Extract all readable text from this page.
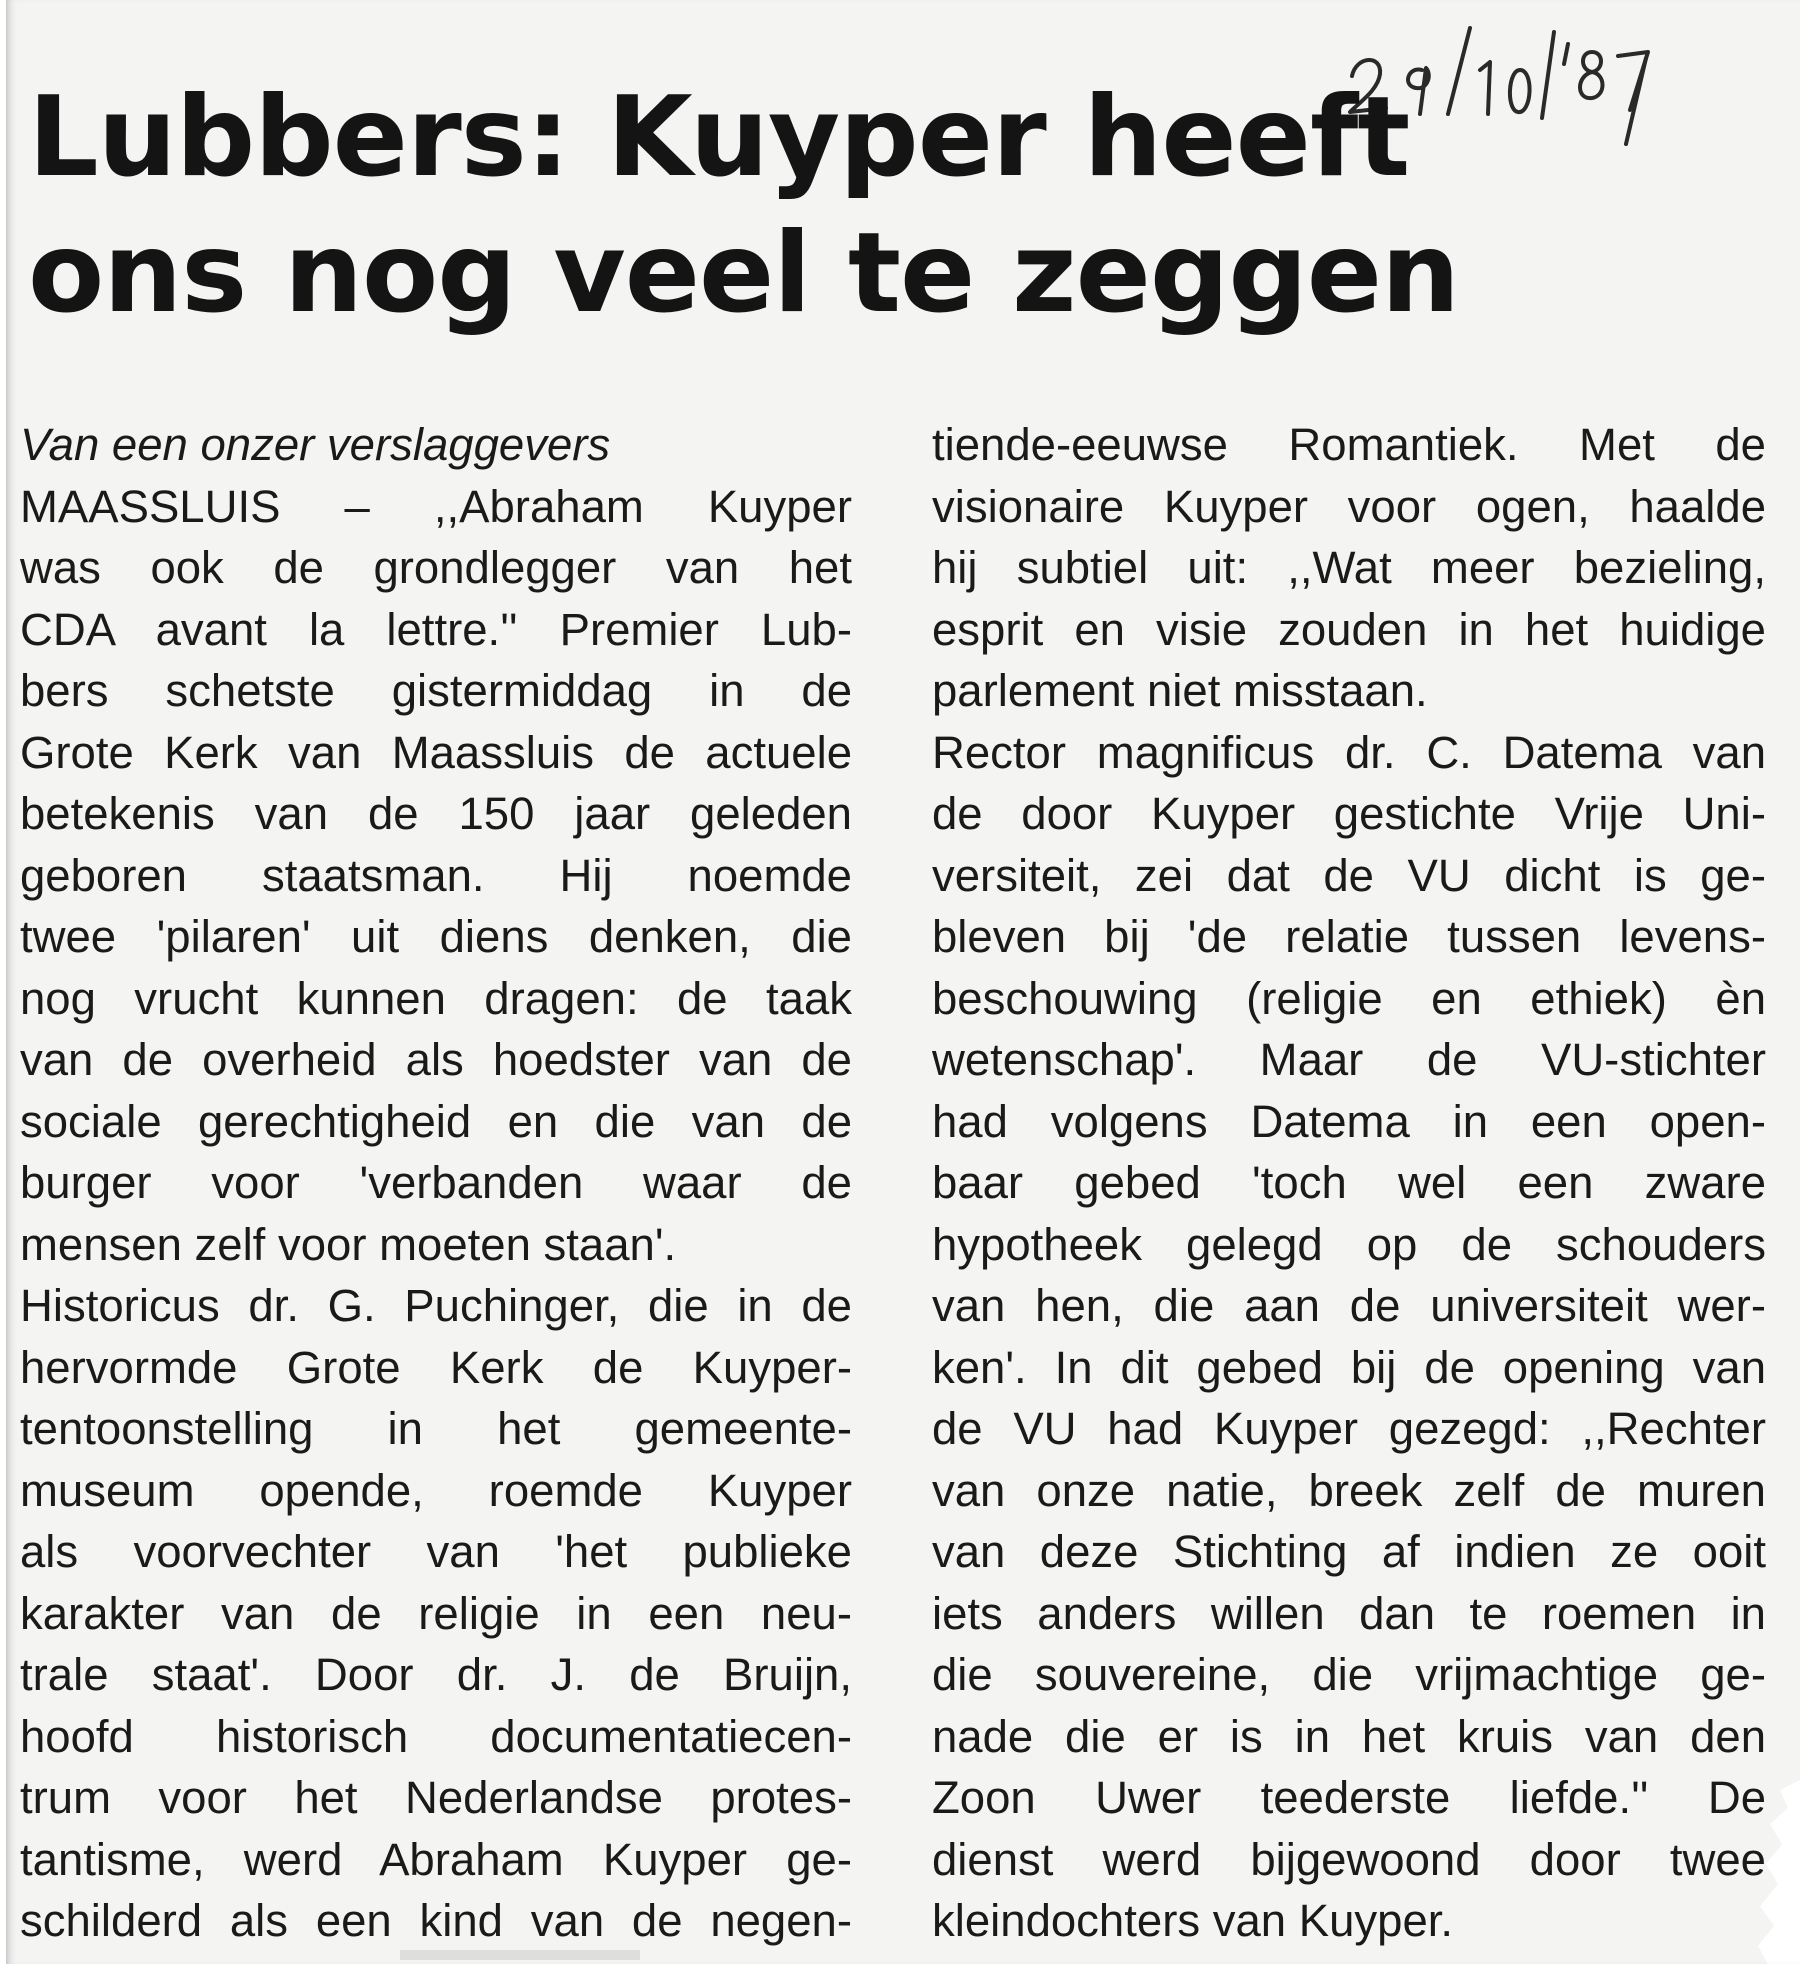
Lubbers: Kuyper heeft
ons nog veel te zeggen
Van een onzer verslaggevers
MAASSLUIS – ,,Abraham Kuyper
was ook de grondlegger van het
CDA avant la lettre.'' Premier Lub-
bers schetste gistermiddag in de
Grote Kerk van Maassluis de actuele
betekenis van de 150 jaar geleden
geboren staatsman. Hij noemde
twee 'pilaren' uit diens denken, die
nog vrucht kunnen dragen: de taak
van de overheid als hoedster van de
sociale gerechtigheid en die van de
burger voor 'verbanden waar de
mensen zelf voor moeten staan'.
Historicus dr. G. Puchinger, die in de
hervormde Grote Kerk de Kuyper-
tentoonstelling in het gemeente-
museum opende, roemde Kuyper
als voorvechter van 'het publieke
karakter van de religie in een neu-
trale staat'. Door dr. J. de Bruijn,
hoofd historisch documentatiecen-
trum voor het Nederlandse protes-
tantisme, werd Abraham Kuyper ge-
schilderd als een kind van de negen-
tiende-eeuwse Romantiek. Met de
visionaire Kuyper voor ogen, haalde
hij subtiel uit: ,,Wat meer bezieling,
esprit en visie zouden in het huidige
parlement niet misstaan.
Rector magnificus dr. C. Datema van
de door Kuyper gestichte Vrije Uni-
versiteit, zei dat de VU dicht is ge-
bleven bij 'de relatie tussen levens-
beschouwing (religie en ethiek) èn
wetenschap'. Maar de VU-stichter
had volgens Datema in een open-
baar gebed 'toch wel een zware
hypotheek gelegd op de schouders
van hen, die aan de universiteit wer-
ken'. In dit gebed bij de opening van
de VU had Kuyper gezegd: ,,Rechter
van onze natie, breek zelf de muren
van deze Stichting af indien ze ooit
iets anders willen dan te roemen in
die souvereine, die vrijmachtige ge-
nade die er is in het kruis van den
Zoon Uwer teederste liefde.'' De
dienst werd bijgewoond door twee
kleindochters van Kuyper.
